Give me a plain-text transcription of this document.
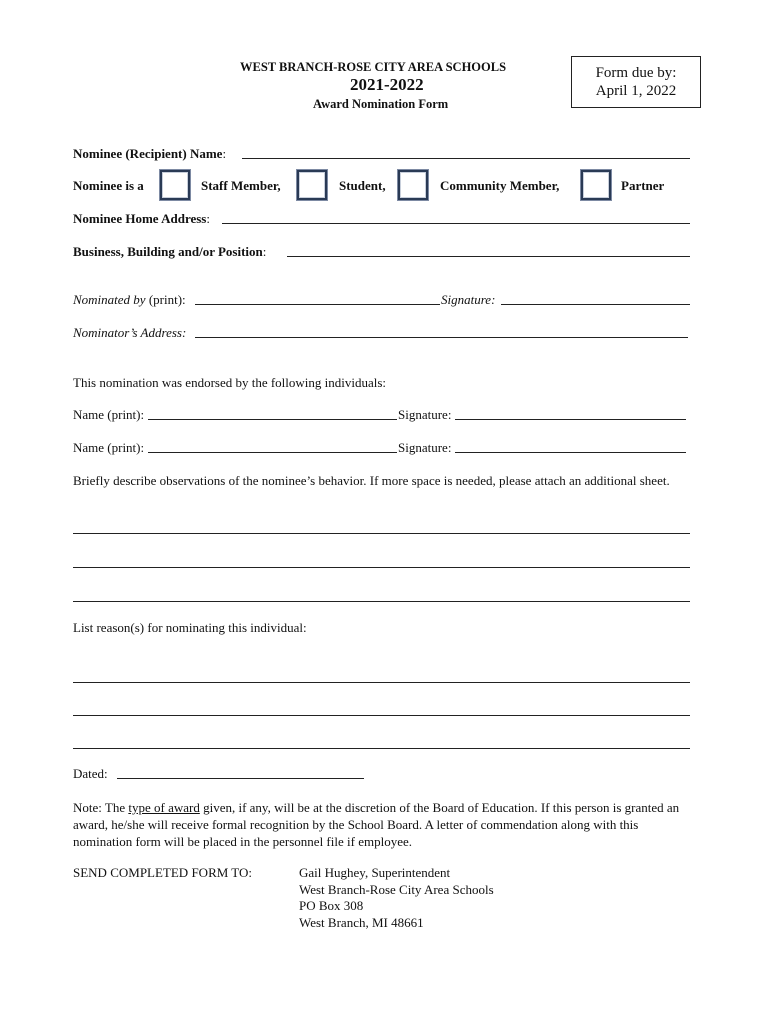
WEST BRANCH-ROSE CITY AREA SCHOOLS
2021-2022
Award Nomination Form
Form due by:
April 1, 2022
Nominee (Recipient) Name:
Nominee is a	Staff Member,	Student,	Community Member,	Partner
Nominee Home Address:
Business, Building and/or Position:
Nominated by (print):	Signature:
Nominator’s Address:
This nomination was endorsed by the following individuals:
Name (print):	Signature:
Name (print):	Signature:
Briefly describe observations of the nominee’s behavior. If more space is needed, please attach an additional sheet.
List reason(s) for nominating this individual:
Dated:
Note: The type of award given, if any, will be at the discretion of the Board of Education. If this person is granted an award, he/she will receive formal recognition by the School Board. A letter of commendation along with this nomination form will be placed in the personnel file if employee.
SEND COMPLETED FORM TO:	Gail Hughey, Superintendent
West Branch-Rose City Area Schools
PO Box 308
West Branch, MI 48661
